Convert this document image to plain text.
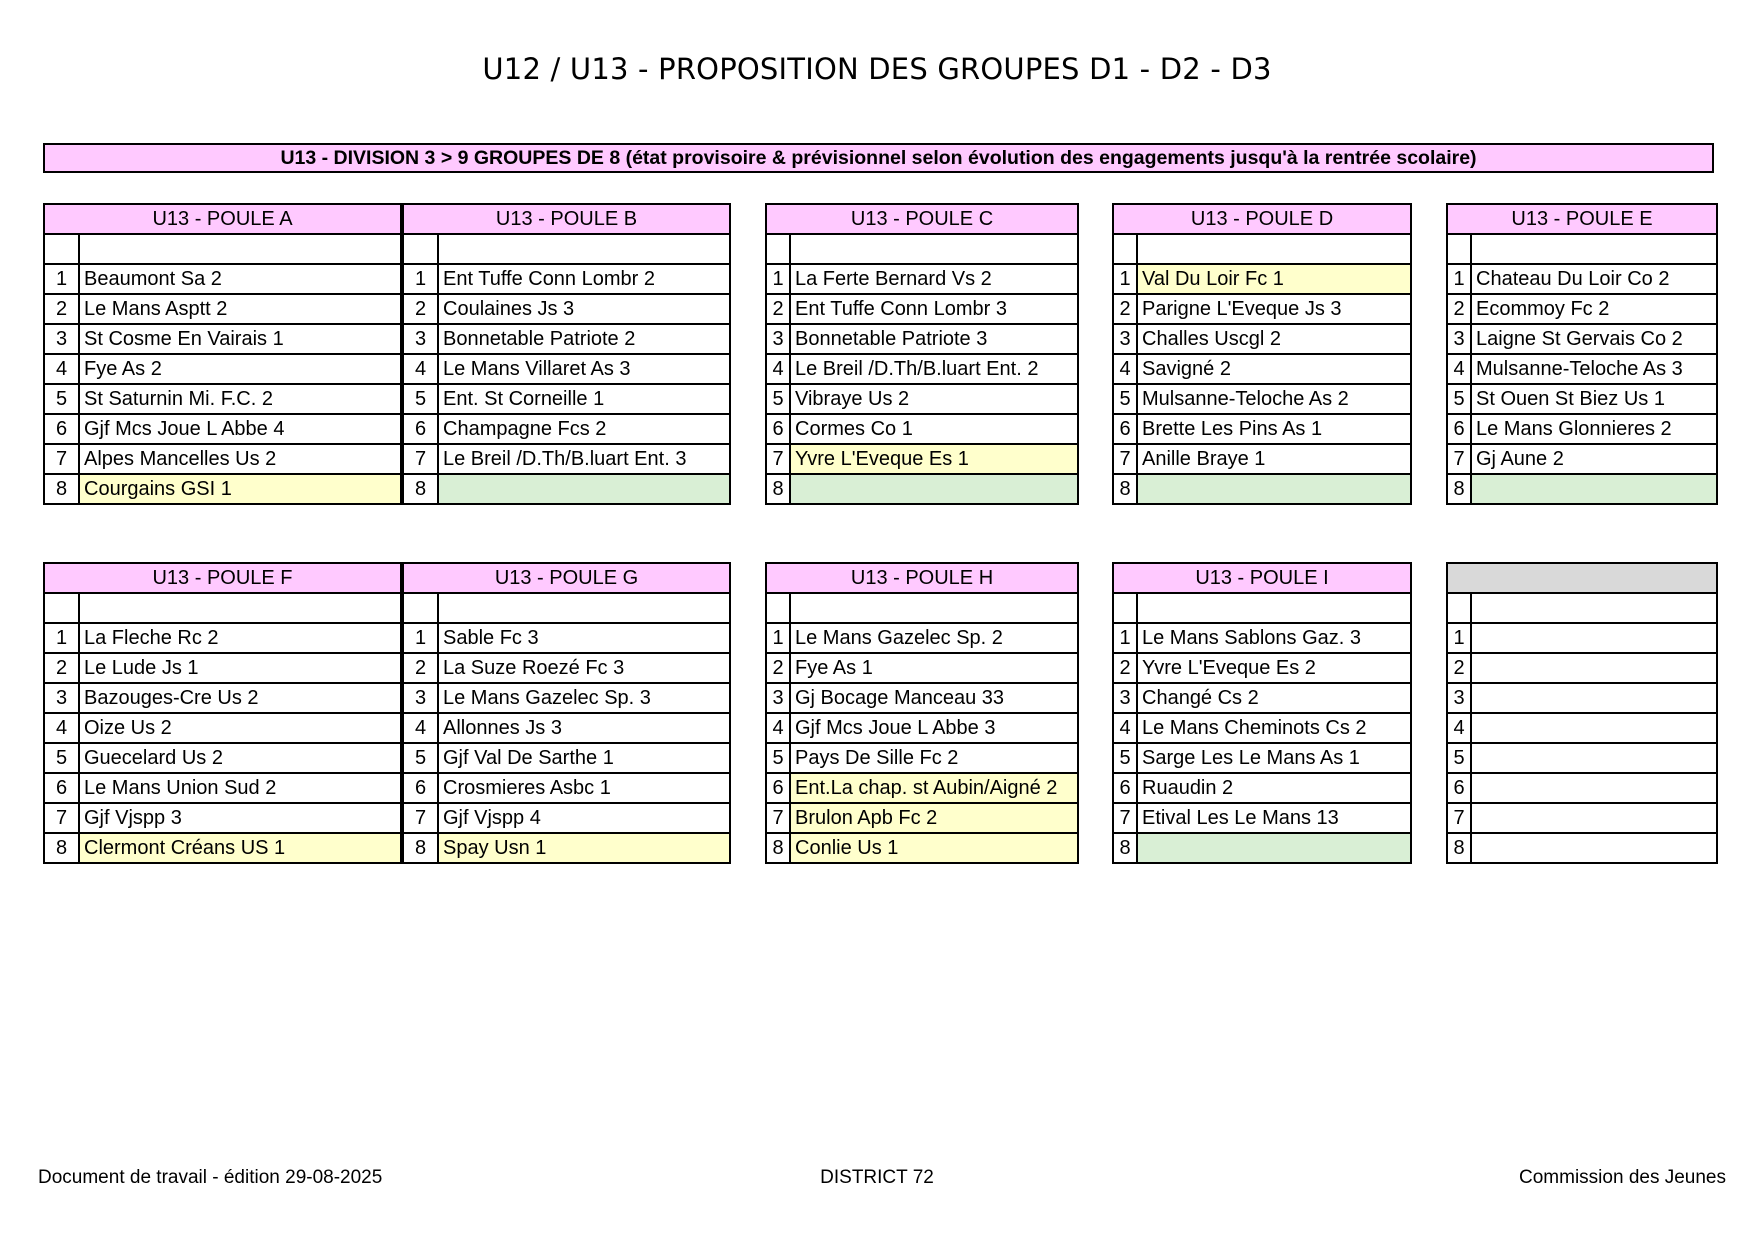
U12 / U13 - PROPOSITION DES GROUPES D1 - D2 - D3
U13 - DIVISION 3 > 9 GROUPES DE 8 (état provisoire & prévisionnel selon évolution des engagements jusqu'à la rentrée scolaire)
U13 - POULE A	

1	Beaumont Sa 2
2	Le Mans Asptt 2
3	St Cosme En Vairais 1
4	Fye As 2
5	St Saturnin Mi. F.C. 2
6	Gjf Mcs Joue L Abbe 4
7	Alpes Mancelles Us 2
8	Courgains GSI 1
U13 - POULE B	

1	Ent Tuffe Conn Lombr 2
2	Coulaines Js 3
3	Bonnetable Patriote 2
4	Le Mans Villaret As 3
5	Ent. St Corneille 1
6	Champagne Fcs 2
7	Le Breil /D.Th/B.luart Ent. 3
8	
U13 - POULE C	

1	La Ferte Bernard Vs 2
2	Ent Tuffe Conn Lombr 3
3	Bonnetable Patriote 3
4	Le Breil /D.Th/B.luart Ent. 2
5	Vibraye Us 2
6	Cormes Co 1
7	Yvre L'Eveque Es 1
8	
U13 - POULE D	

1	Val Du Loir Fc 1
2	Parigne L'Eveque Js 3
3	Challes Uscgl 2
4	Savigné 2
5	Mulsanne-Teloche As 2
6	Brette Les Pins As 1
7	Anille Braye 1
8	
U13 - POULE E	

1	Chateau Du Loir Co 2
2	Ecommoy Fc 2
3	Laigne St Gervais Co 2
4	Mulsanne-Teloche As 3
5	St Ouen St Biez Us 1
6	Le Mans Glonnieres 2
7	Gj Aune 2
8	
U13 - POULE F	

1	La Fleche Rc 2
2	Le Lude Js 1
3	Bazouges-Cre Us 2
4	Oize Us 2
5	Guecelard Us 2
6	Le Mans Union Sud 2
7	Gjf Vjspp 3
8	Clermont Créans US 1
U13 - POULE G	

1	Sable Fc 3
2	La Suze Roezé Fc 3
3	Le Mans Gazelec Sp. 3
4	Allonnes Js 3
5	Gjf Val De Sarthe 1
6	Crosmieres Asbc 1
7	Gjf Vjspp 4
8	Spay Usn 1
U13 - POULE H	

1	Le Mans Gazelec Sp. 2
2	Fye As 1
3	Gj Bocage Manceau 33
4	Gjf Mcs Joue L Abbe 3
5	Pays De Sille Fc 2
6	Ent.La chap. st Aubin/Aigné 2
7	Brulon Apb Fc 2
8	Conlie Us 1
U13 - POULE I	

1	Le Mans Sablons Gaz. 3
2	Yvre L'Eveque Es 2
3	Changé Cs 2
4	Le Mans Cheminots Cs 2
5	Sarge Les Le Mans As 1
6	Ruaudin 2
7	Etival Les Le Mans 13
8	

1	
2	
3	
4	
5	
6	
7	
8	
Document de travail - édition 29-08-2025	DISTRICT 72	Commission des Jeunes
